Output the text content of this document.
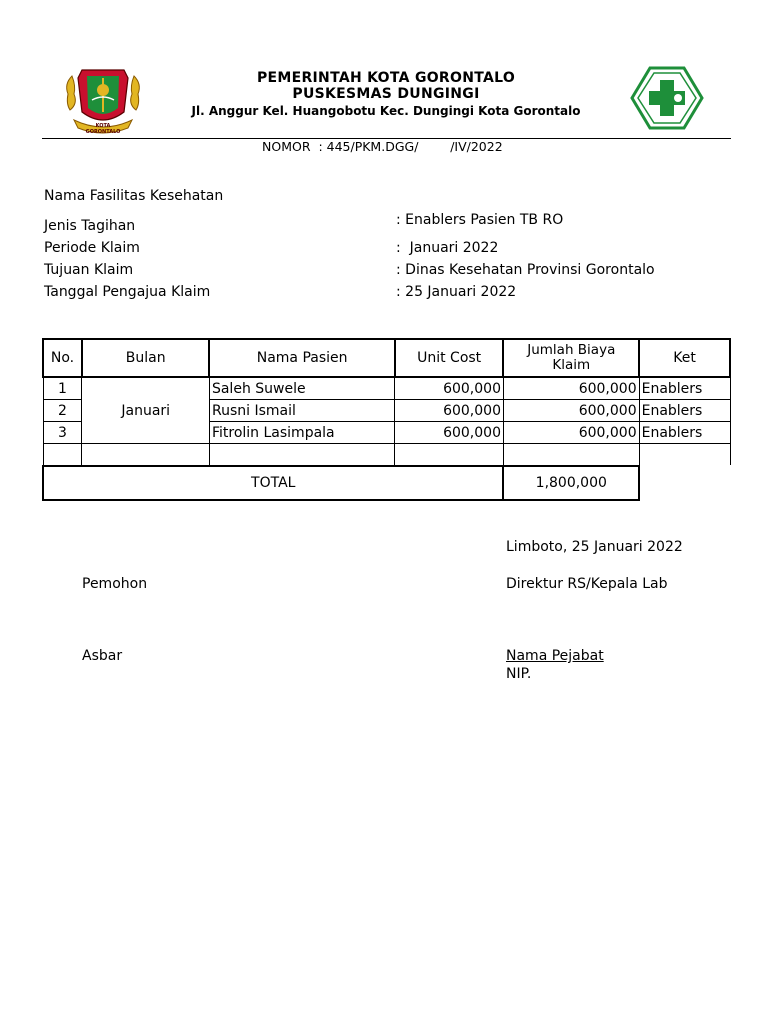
KOTA GORONTALO
PEMERINTAH KOTA GORONTALO
PUSKESMAS DUNGINGI
Jl. Anggur Kel. Huangobotu Kec. Dungingi Kota Gorontalo
NOMOR  : 445/PKM.DGG/        /IV/2022
Nama Fasilitas Kesehatan
Jenis Tagihan	: Enablers Pasien TB RO
Periode Klaim	:  Januari 2022
Tujuan Klaim	: Dinas Kesehatan Provinsi Gorontalo
Tanggal Pengajua Klaim	: 25 Januari 2022
No.	Bulan	Nama Pasien	Unit Cost	Jumlah Biaya Klaim	Ket
1	Januari	Saleh Suwele	600,000	600,000	Enablers
2		Rusni Ismail	600,000	600,000	Enablers
3		Fitrolin Lasimpala	600,000	600,000	Enablers

TOTAL				1,800,000	
Limboto, 25 Januari 2022
Pemohon	Direktur RS/Kepala Lab
Asbar	Nama Pejabat
NIP.
